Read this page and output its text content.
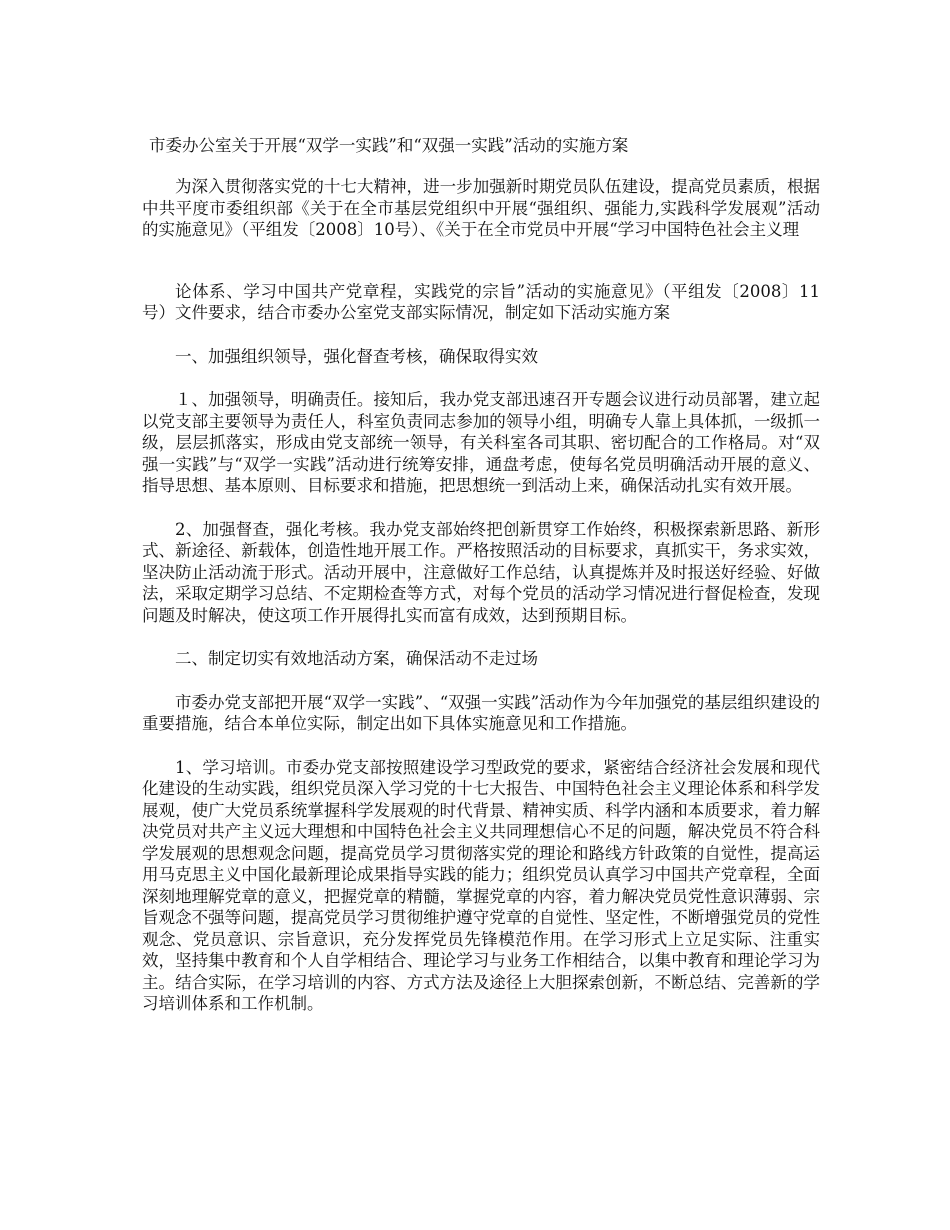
市委办公室关于开展“双学一实践”和“双强一实践”活动的实施方案

为深入贯彻落实党的十七大精神，进一步加强新时期党员队伍建设，提高党员素质，根据中共平度市委组织部《关于在全市基层党组织中开展“强组织、强能力,实践科学发展观”活动的实施意见》（平组发〔2008〕10号）、《关于在全市党员中开展“学习中国特色社会主义理

论体系、学习中国共产党章程，实践党的宗旨”活动的实施意见》（平组发〔2008〕11号）文件要求，结合市委办公室党支部实际情况，制定如下活动实施方案

一、加强组织领导，强化督查考核，确保取得实效

１、加强领导，明确责任。接知后，我办党支部迅速召开专题会议进行动员部署，建立起以党支部主要领导为责任人，科室负责同志参加的领导小组，明确专人靠上具体抓，一级抓一级，层层抓落实，形成由党支部统一领导，有关科室各司其职、密切配合的工作格局。对“双强一实践”与“双学一实践”活动进行统筹安排，通盘考虑，使每名党员明确活动开展的意义、指导思想、基本原则、目标要求和措施，把思想统一到活动上来，确保活动扎实有效开展。

2、加强督查，强化考核。我办党支部始终把创新贯穿工作始终，积极探索新思路、新形式、新途径、新载体，创造性地开展工作。严格按照活动的目标要求，真抓实干，务求实效，坚决防止活动流于形式。活动开展中，注意做好工作总结，认真提炼并及时报送好经验、好做法，采取定期学习总结、不定期检查等方式，对每个党员的活动学习情况进行督促检查，发现问题及时解决，使这项工作开展得扎实而富有成效，达到预期目标。

二、制定切实有效地活动方案，确保活动不走过场

市委办党支部把开展“双学一实践”、“双强一实践”活动作为今年加强党的基层组织建设的重要措施，结合本单位实际，制定出如下具体实施意见和工作措施。

1、学习培训。市委办党支部按照建设学习型政党的要求，紧密结合经济社会发展和现代化建设的生动实践，组织党员深入学习党的十七大报告、中国特色社会主义理论体系和科学发展观，使广大党员系统掌握科学发展观的时代背景、精神实质、科学内涵和本质要求，着力解决党员对共产主义远大理想和中国特色社会主义共同理想信心不足的问题，解决党员不符合科学发展观的思想观念问题，提高党员学习贯彻落实党的理论和路线方针政策的自觉性，提高运用马克思主义中国化最新理论成果指导实践的能力；组织党员认真学习中国共产党章程，全面深刻地理解党章的意义，把握党章的精髓，掌握党章的内容，着力解决党员党性意识薄弱、宗旨观念不强等问题，提高党员学习贯彻维护遵守党章的自觉性、坚定性，不断增强党员的党性观念、党员意识、宗旨意识，充分发挥党员先锋模范作用。在学习形式上立足实际、注重实效，坚持集中教育和个人自学相结合、理论学习与业务工作相结合，以集中教育和理论学习为主。结合实际，在学习培训的内容、方式方法及途径上大胆探索创新，不断总结、完善新的学习培训体系和工作机制。
